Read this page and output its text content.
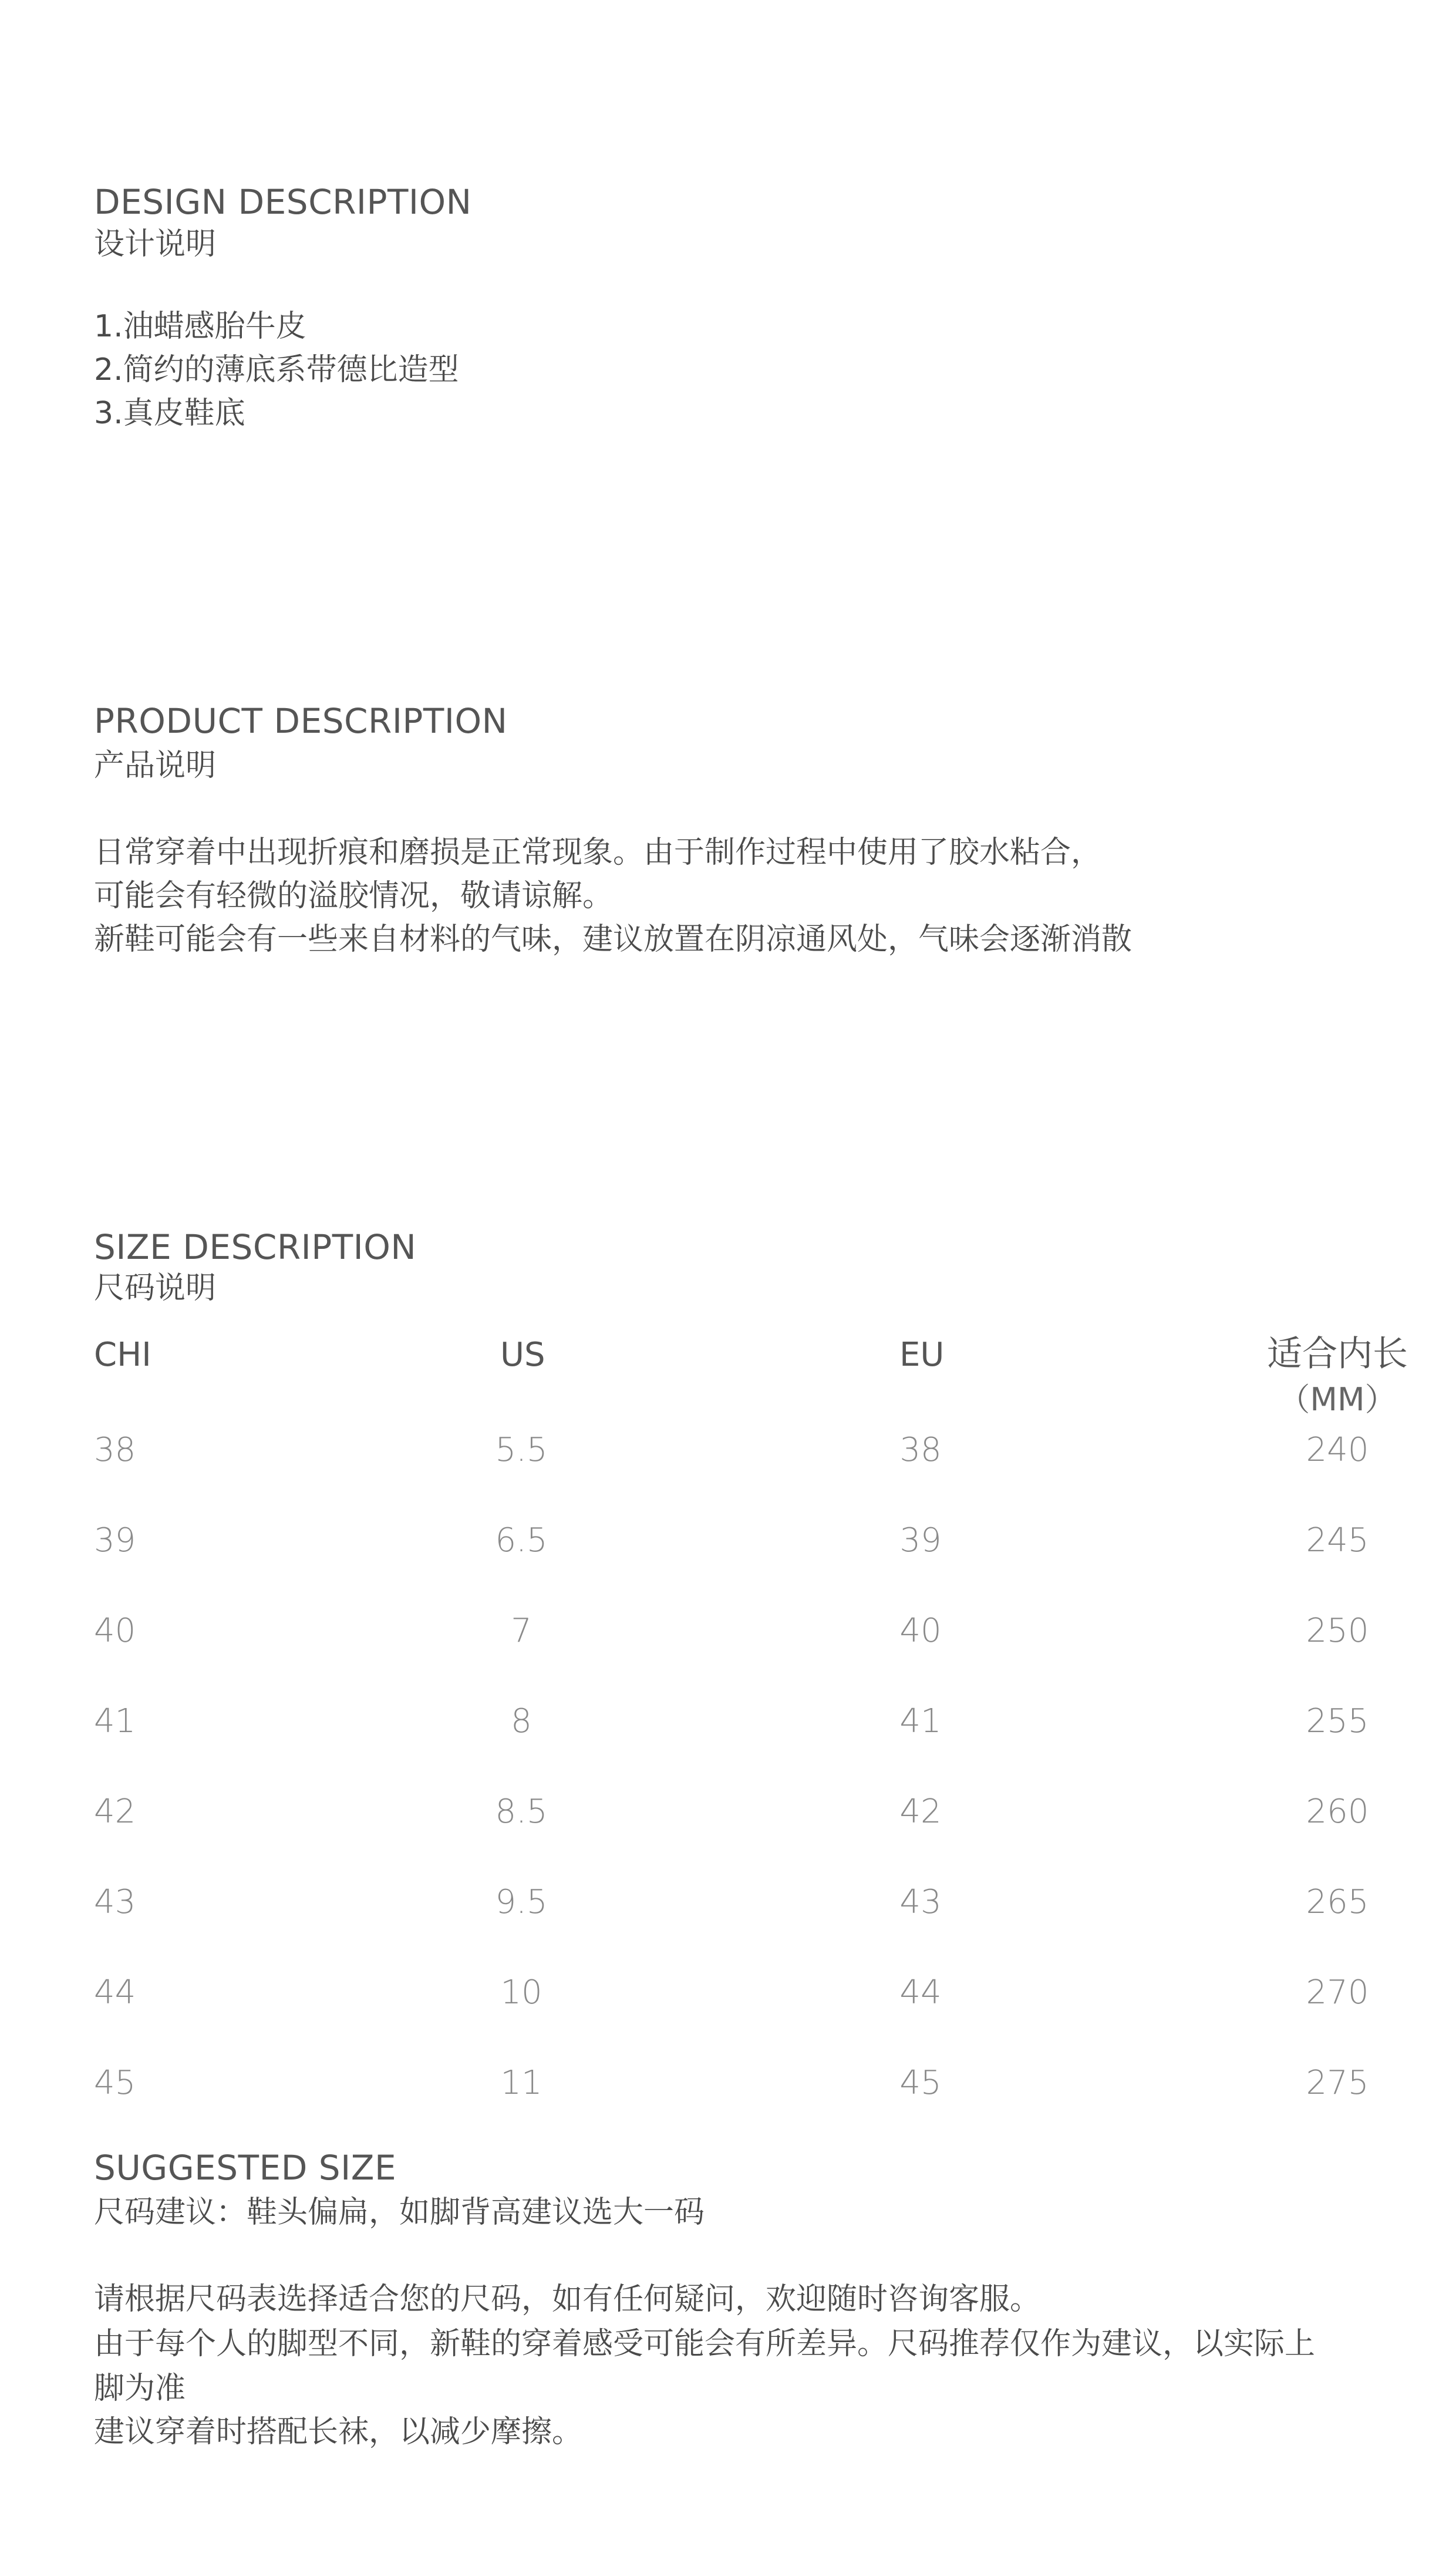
DESIGN DESCRIPTION
设计说明
1.油蜡感胎牛皮
2.简约的薄底系带德比造型
3.真皮鞋底
PRODUCT DESCRIPTION
产品说明
日常穿着中出现折痕和磨损是正常现象。由于制作过程中使用了胶水粘合，
可能会有轻微的溢胶情况，敬请谅解。
新鞋可能会有一些来自材料的气味，建议放置在阴凉通风处，气味会逐渐消散
SIZE DESCRIPTION
尺码说明
CHI	US	EU	适合内长
（MM）
38	5.5	38	240
39	6.5	39	245
40	7	40	250
41	8	41	255
42	8.5	42	260
43	9.5	43	265
44	10	44	270
45	11	45	275
SUGGESTED SIZE
尺码建议：鞋头偏扁，如脚背高建议选大一码
请根据尺码表选择适合您的尺码，如有任何疑问，欢迎随时咨询客服。
由于每个人的脚型不同，新鞋的穿着感受可能会有所差异。尺码推荐仅作为建议，以实际上
脚为准
建议穿着时搭配长袜，以减少摩擦。
